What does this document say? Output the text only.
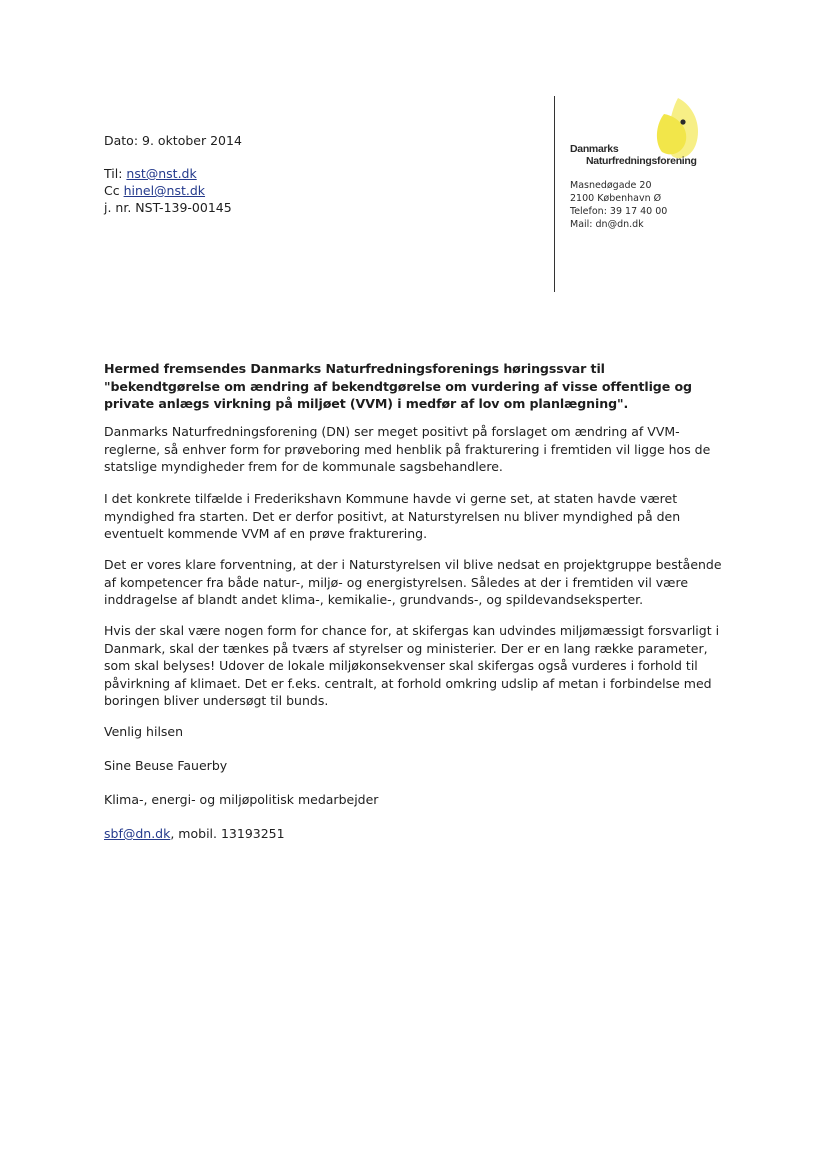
Dato: 9. oktober 2014
Til: nst@nst.dk
Cc hinel@nst.dk
j. nr. NST-139-00145
Danmarks
Naturfredningsforening
Masnedøgade 20
2100 København Ø
Telefon: 39 17 40 00
Mail: dn@dn.dk
Hermed fremsendes Danmarks Naturfredningsforenings høringssvar til "bekendtgørelse om ændring af bekendtgørelse om vurdering af visse offentlige og private anlægs virkning på miljøet (VVM) i medfør af lov om planlægning".

Danmarks Naturfredningsforening (DN) ser meget positivt på forslaget om ændring af VVM-reglerne, så enhver form for prøveboring med henblik på frakturering i fremtiden vil ligge hos de statslige myndigheder frem for de kommunale sagsbehandlere.

I det konkrete tilfælde i Frederikshavn Kommune havde vi gerne set, at staten havde været myndighed fra starten. Det er derfor positivt, at Naturstyrelsen nu bliver myndighed på den eventuelt kommende VVM af en prøve frakturering.

Det er vores klare forventning, at der i Naturstyrelsen vil blive nedsat en projektgruppe bestående af kompetencer fra både natur-, miljø- og energistyrelsen. Således at der i fremtiden vil være inddragelse af blandt andet klima-, kemikalie-, grundvands-, og spildevandseksperter.

Hvis der skal være nogen form for chance for, at skifergas kan udvindes miljømæssigt forsvarligt i Danmark, skal der tænkes på tværs af styrelser og ministerier. Der er en lang række parameter, som skal belyses! Udover de lokale miljøkonsekvenser skal skifergas også vurderes i forhold til påvirkning af klimaet. Det er f.eks. centralt, at forhold omkring udslip af metan i forbindelse med boringen bliver undersøgt til bunds.

Venlig hilsen
Sine Beuse Fauerby
Klima-, energi- og miljøpolitisk medarbejder
sbf@dn.dk, mobil. 13193251
